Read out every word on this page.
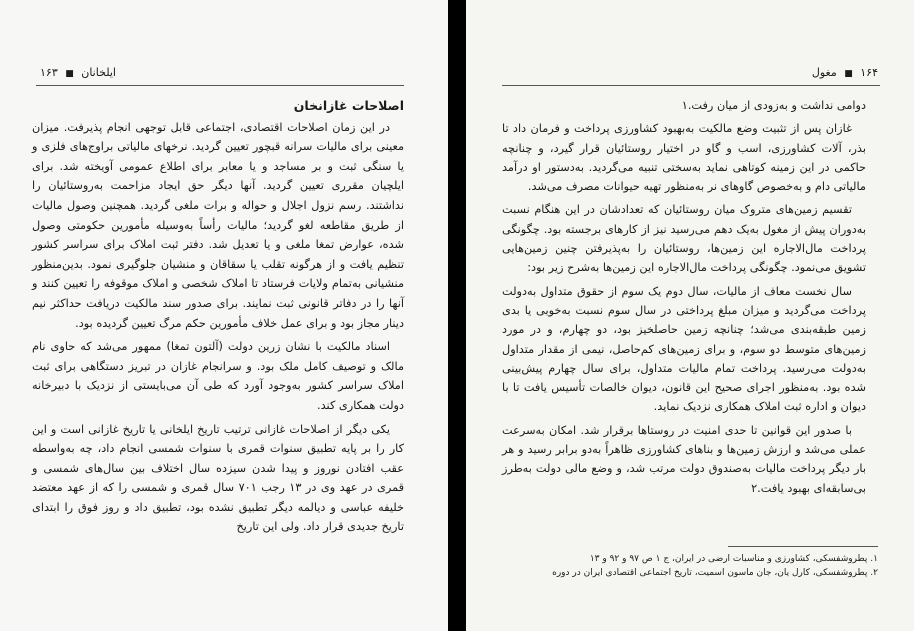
ایلخانان ■ ۱۶۳
اصلاحات غازانخان

در این زمان اصلاحات اقتصادی، اجتماعی قابل توجهی انجام پذیرفت. میزان معینی برای مالیات سرانه قبچور تعیین گردید. نرخهای مالیاتی براوج‌های فلزی و یا سنگی ثبت و بر مساجد و یا معابر برای اطلاع عمومی آویخته شد. برای ایلچیان مقرری تعیین گردید. آنها دیگر حق ایجاد مزاحمت به‌روستائیان را نداشتند. رسم نزول اجلال و حواله و برات ملغی گردید. همچنین وصول مالیات از طریق مقاطعه لغو گردید؛ مالیات رأساً به‌وسیله مأمورین حکومتی وصول شده، عوارض تمغا ملغی و یا تعدیل شد. دفتر ثبت املاک برای سراسر کشور تنظیم یافت و از هرگونه تقلب یا سقاقان و منشیان جلوگیری نمود. بدین‌منظور منشیانی به‌تمام ولایات فرستاد تا املاک شخصی و املاک موقوفه را تعیین کنند و آنها را در دفاتر قانونی ثبت نمایند. برای صدور سند مالکیت دریافت حداکثر نیم دینار مجاز بود و برای عمل خلاف مأمورین حکم مرگ تعیین گردیده بود.

اسناد مالکیت با نشان زرین دولت (آلتون تمغا) ممهور می‌شد که حاوی نام مالک و توصیف کامل ملک بود. و سرانجام غازان در تبریز دستگاهی برای ثبت املاک سراسر کشور به‌وجود آورد که طی آن می‌بایستی از نزدیک با دبیرخانه دولت همکاری کند.

یکی دیگر از اصلاحات غازانی ترتیب تاریخ ایلخانی یا تاریخ غازانی است و این کار را بر پایه تطبیق سنوات قمری با سنوات شمسی انجام داد، چه به‌واسطه عقب افتادن نوروز و پیدا شدن سیزده سال اختلاف بین سال‌های شمسی و قمری در عهد وی در ۱۳ رجب ۷۰۱ سال قمری و شمسی را که از عهد معتضد خلیفه عباسی و دیالمه دیگر تطبیق نشده بود، تطبیق داد و روز فوق را ابتدای تاریخ جدیدی قرار داد. ولی این تاریخ

۱۶۴ ■ مغول

دوامی نداشت و به‌زودی از میان رفت.۱

غازان پس از تثبیت وضع مالکیت به‌بهبود کشاورزی پرداخت و فرمان داد تا بذر، آلات کشاورزی، اسب و گاو در اختیار روستائیان قرار گیرد، و چنانچه حاکمی در این زمینه کوتاهی نماید به‌سختی تنبیه می‌گردید. به‌دستور او درآمد مالیاتی دام و به‌خصوص گاوهای نر به‌منظور تهیه حیوانات مصرف می‌شد.

تقسیم زمین‌های متروک میان روستائیان که تعدادشان در این هنگام نسبت به‌دوران پیش از مغول به‌یک دهم می‌رسید نیز از کارهای برجسته بود. چگونگی پرداخت مال‌الاجاره این زمین‌ها، روستائیان را به‌پذیرفتن چنین زمین‌هایی تشویق می‌نمود. چگونگی پرداخت مال‌الاجاره این زمین‌ها به‌شرح زیر بود:

سال نخست معاف از مالیات، سال دوم یک سوم از حقوق متداول به‌دولت پرداخت می‌گردید و میزان مبلغ پرداختی در سال سوم نسبت به‌خوبی یا بدی زمین طبقه‌بندی می‌شد؛ چنانچه زمین حاصلخیز بود، دو چهارم، و در مورد زمین‌های متوسط دو سوم، و برای زمین‌های کم‌حاصل، نیمی از مقدار متداول به‌دولت می‌رسید. پرداخت تمام مالیات متداول، برای سال چهارم پیش‌بینی شده بود. به‌منظور اجرای صحیح این قانون، دیوان خالصات تأسیس یافت تا با دیوان و اداره ثبت املاک همکاری نزدیک نماید.

با صدور این قوانین تا حدی امنیت در روستاها برقرار شد. امکان به‌سرعت عملی می‌شد و ارزش زمین‌ها و بناهای کشاورزی ظاهراً به‌دو برابر رسید و هر بار دیگر پرداخت مالیات به‌صندوق دولت مرتب شد، و وضع مالی دولت به‌طرز بی‌سابقه‌ای بهبود یافت.۲

۱. پطروشفسکی، کشاورزی و مناسبات ارضی در ایران، ج ۱ ص ۹۷ و ۹۲ و ۱۳

۲. پطروشفسکی، کارل یان، جان ماسون اسمیت، تاریخ اجتماعی اقتصادی ایران در دوره
